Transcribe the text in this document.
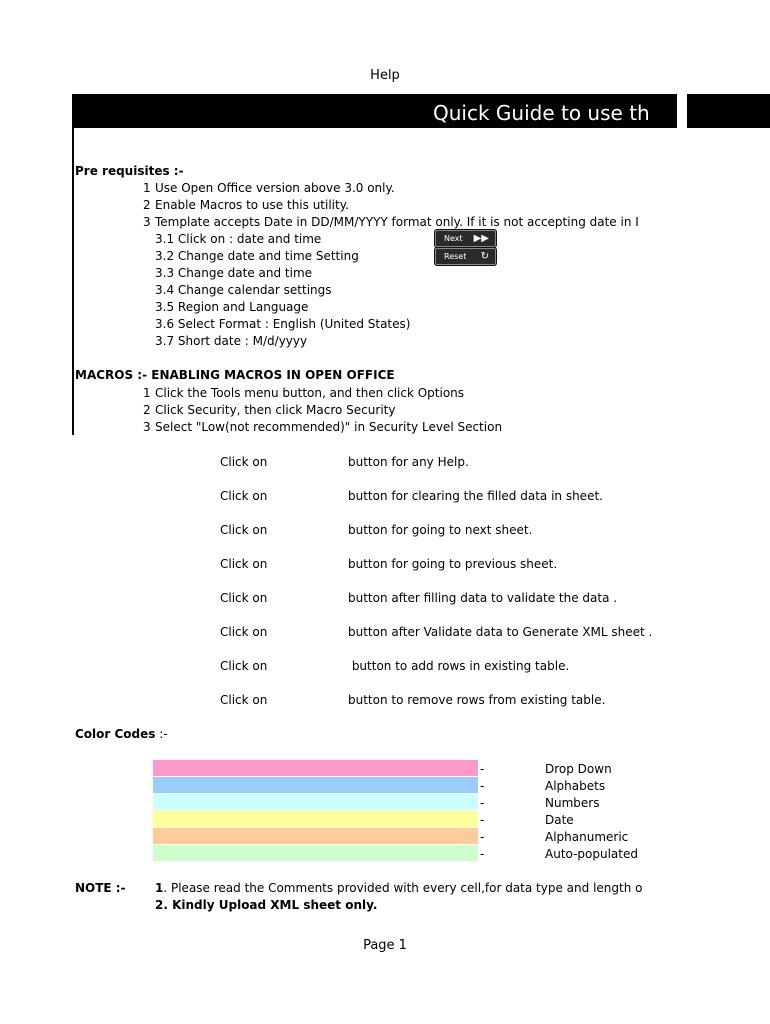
Help
Quick Guide to use th
Pre requisites :-
1 Use Open Office version above 3.0 only.
2 Enable Macros to use this utility.
3 Template accepts Date in DD/MM/YYYY format only. If it is not accepting date in I
3.1 Click on : date and time
3.2 Change date and time Setting
3.3 Change date and time
3.4 Change calendar settings
3.5 Region and Language
3.6 Select Format : English (United States)
3.7 Short date : M/d/yyyy
Next ▶▶
Reset ↻
MACROS :- ENABLING MACROS IN OPEN OFFICE
1 Click the Tools menu button, and then click Options
2 Click Security, then click Macro Security
3 Select "Low(not recommended)" in Security Level Section
Click on	button for any Help.
Click on	button for clearing the filled data in sheet.
Click on	button for going to next sheet.
Click on	button for going to previous sheet.
Click on	button after filling data to validate the data .
Click on	button after Validate data to Generate XML sheet .
Click on	button to add rows in existing table.
Click on	button to remove rows from existing table.
Color Codes :-
-	Drop Down
-	Alphabets
-	Numbers
-	Date
-	Alphanumeric
-	Auto-populated
NOTE :- 1. Please read the Comments provided with every cell,for data type and length o
2. Kindly Upload XML sheet only.
Page 1
